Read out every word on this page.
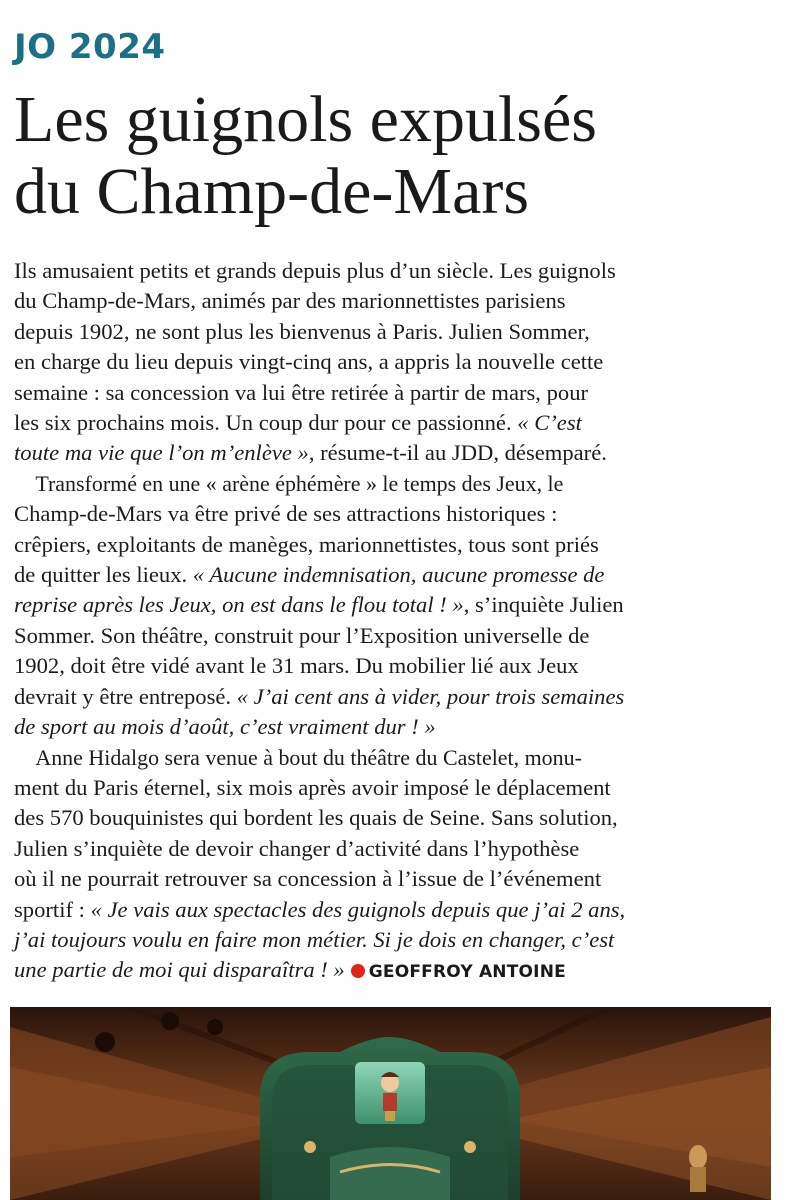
JO 2024
Les guignols expulsés
du Champ-de-Mars
Ils amusaient petits et grands depuis plus d’un siècle. Les guignols
du Champ-de-Mars, animés par des marionnettistes parisiens
depuis 1902, ne sont plus les bienvenus à Paris. Julien Sommer,
en charge du lieu depuis vingt-cinq ans, a appris la nouvelle cette
semaine : sa concession va lui être retirée à partir de mars, pour
les six prochains mois. Un coup dur pour ce passionné. « C’est
toute ma vie que l’on m’enlève », résume-t-il au JDD, désemparé.
Transformé en une « arène éphémère » le temps des Jeux, le
Champ-de-Mars va être privé de ses attractions historiques :
crêpiers, exploitants de manèges, marionnettistes, tous sont priés
de quitter les lieux. « Aucune indemnisation, aucune promesse de
reprise après les Jeux, on est dans le flou total ! », s’inquiète Julien
Sommer. Son théâtre, construit pour l’Exposition universelle de
1902, doit être vidé avant le 31 mars. Du mobilier lié aux Jeux
devrait y être entreposé. « J’ai cent ans à vider, pour trois semaines
de sport au mois d’août, c’est vraiment dur ! »
Anne Hidalgo sera venue à bout du théâtre du Castelet, monu-
ment du Paris éternel, six mois après avoir imposé le déplacement
des 570 bouquinistes qui bordent les quais de Seine. Sans solution,
Julien s’inquiète de devoir changer d’activité dans l’hypothèse
où il ne pourrait retrouver sa concession à l’issue de l’événement
sportif : « Je vais aux spectacles des guignols depuis que j’ai 2 ans,
j’ai toujours voulu en faire mon métier. Si je dois en changer, c’est
une partie de moi qui disparaîtra ! » GEOFFROY ANTOINE
